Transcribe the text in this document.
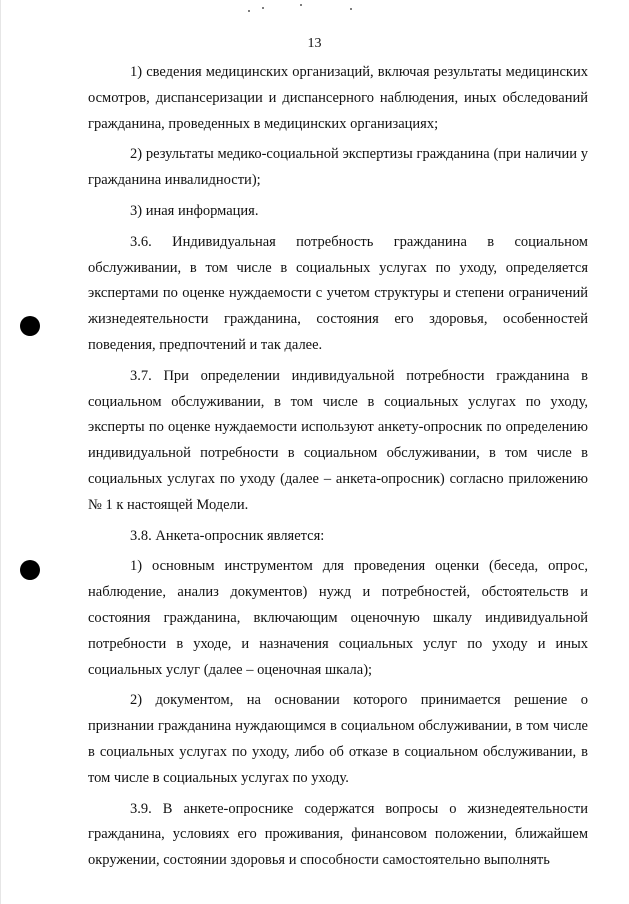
13

1) сведения медицинских организаций, включая результаты медицинских осмотров, диспансеризации и диспансерного наблюдения, иных обследований гражданина, проведенных в медицинских организациях;

2) результаты медико-социальной экспертизы гражданина (при наличии у гражданина инвалидности);

3) иная информация.

3.6. Индивидуальная потребность гражданина в социальном обслуживании, в том числе в социальных услугах по уходу, определяется экспертами по оценке нуждаемости с учетом структуры и степени ограничений жизнедеятельности гражданина, состояния его здоровья, особенностей поведения, предпочтений и так далее.

3.7. При определении индивидуальной потребности гражданина в социальном обслуживании, в том числе в социальных услугах по уходу, эксперты по оценке нуждаемости используют анкету-опросник по определению индивидуальной потребности в социальном обслуживании, в том числе в социальных услугах по уходу (далее – анкета-опросник) согласно приложению № 1 к настоящей Модели.

3.8. Анкета-опросник является:

1) основным инструментом для проведения оценки (беседа, опрос, наблюдение, анализ документов) нужд и потребностей, обстоятельств и состояния гражданина, включающим оценочную шкалу индивидуальной потребности в уходе, и назначения социальных услуг по уходу и иных социальных услуг (далее – оценочная шкала);

2) документом, на основании которого принимается решение о признании гражданина нуждающимся в социальном обслуживании, в том числе в социальных услугах по уходу, либо об отказе в социальном обслуживании, в том числе в социальных услугах по уходу.

3.9. В анкете-опроснике содержатся вопросы о жизнедеятельности гражданина, условиях его проживания, финансовом положении, ближайшем окружении, состоянии здоровья и способности самостоятельно выполнять
